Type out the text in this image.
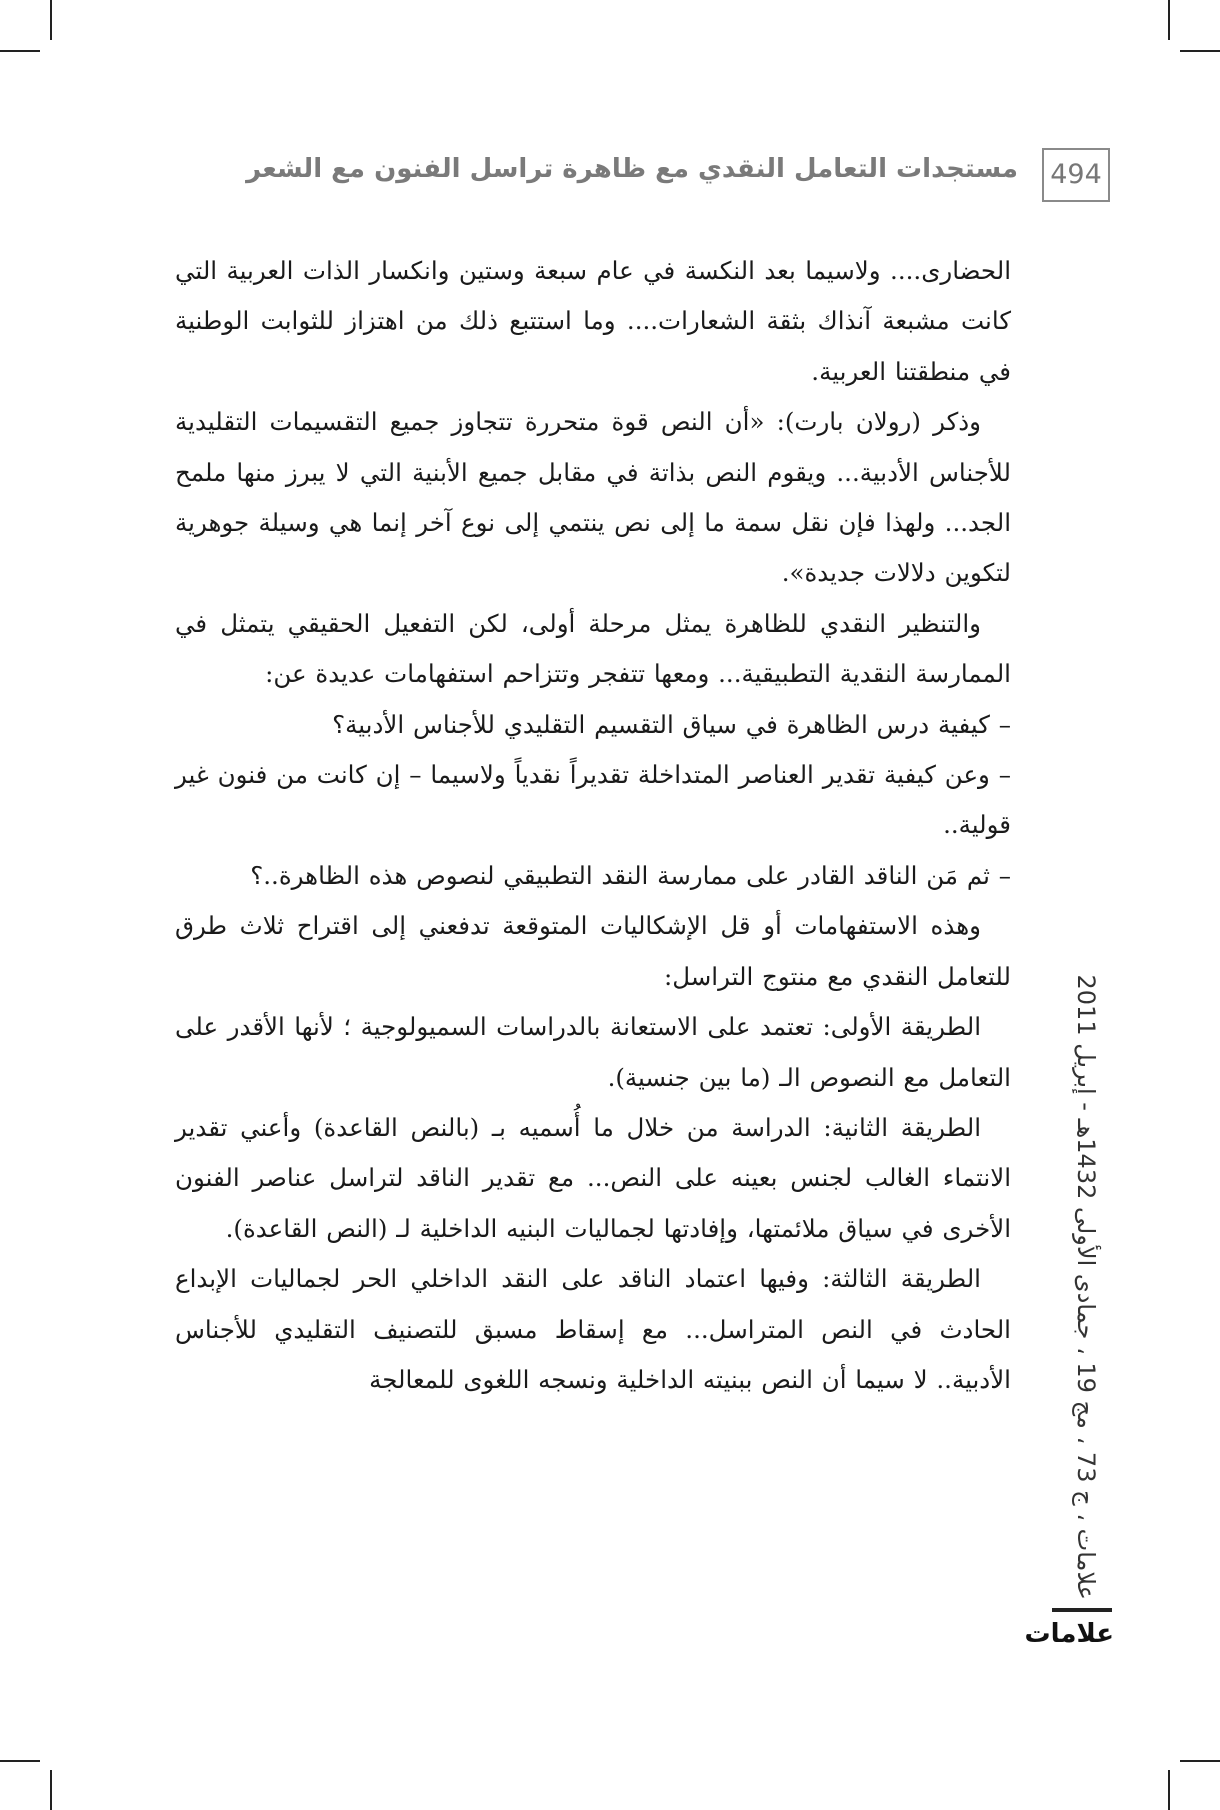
494
مستجدات التعامل النقدي مع ظاهرة تراسل الفنون مع الشعر

الحضارى.... ولاسيما بعد النكسة في عام سبعة وستين وانكسار الذات العربية التي كانت مشبعة آنذاك بثقة الشعارات.... وما استتبع ذلك من اهتزاز للثوابت الوطنية في منطقتنا العربية.

وذكر (رولان بارت): «أن النص قوة متحررة تتجاوز جميع التقسيمات التقليدية للأجناس الأدبية... ويقوم النص بذاتة في مقابل جميع الأبنية التي لا يبرز منها ملمح الجد... ولهذا فإن نقل سمة ما إلى نص ينتمي إلى نوع آخر إنما هي وسيلة جوهرية لتكوين دلالات جديدة».

والتنظير النقدي للظاهرة يمثل مرحلة أولى، لكن التفعيل الحقيقي يتمثل في الممارسة النقدية التطبيقية... ومعها تتفجر وتتزاحم استفهامات عديدة عن:

– كيفية درس الظاهرة في سياق التقسيم التقليدي للأجناس الأدبية؟

– وعن كيفية تقدير العناصر المتداخلة تقديراً نقدياً ولاسيما – إن كانت من فنون غير قولية..

– ثم مَن الناقد القادر على ممارسة النقد التطبيقي لنصوص هذه الظاهرة..؟

وهذه الاستفهامات أو قل الإشكاليات المتوقعة تدفعني إلى اقتراح ثلاث طرق للتعامل النقدي مع منتوج التراسل:

الطريقة الأولى: تعتمد على الاستعانة بالدراسات السميولوجية ؛ لأنها الأقدر على التعامل مع النصوص الـ (ما بين جنسية).

الطريقة الثانية: الدراسة من خلال ما أُسميه بـ (بالنص القاعدة) وأعني تقدير الانتماء الغالب لجنس بعينه على النص... مع تقدير الناقد لتراسل عناصر الفنون الأخرى في سياق ملائمتها، وإفادتها لجماليات البنيه الداخلية لـ (النص القاعدة).

الطريقة الثالثة: وفيها اعتماد الناقد على النقد الداخلي الحر لجماليات الإبداع الحادث في النص المتراسل... مع إسقاط مسبق للتصنيف التقليدي للأجناس الأدبية.. لا سيما أن النص ببنيته الداخلية ونسجه اللغوى للمعالجة

علامات ، ج 73 ، مج 19 ، جمادى الأولى 1432هـ - إبريل 2011
علامات
